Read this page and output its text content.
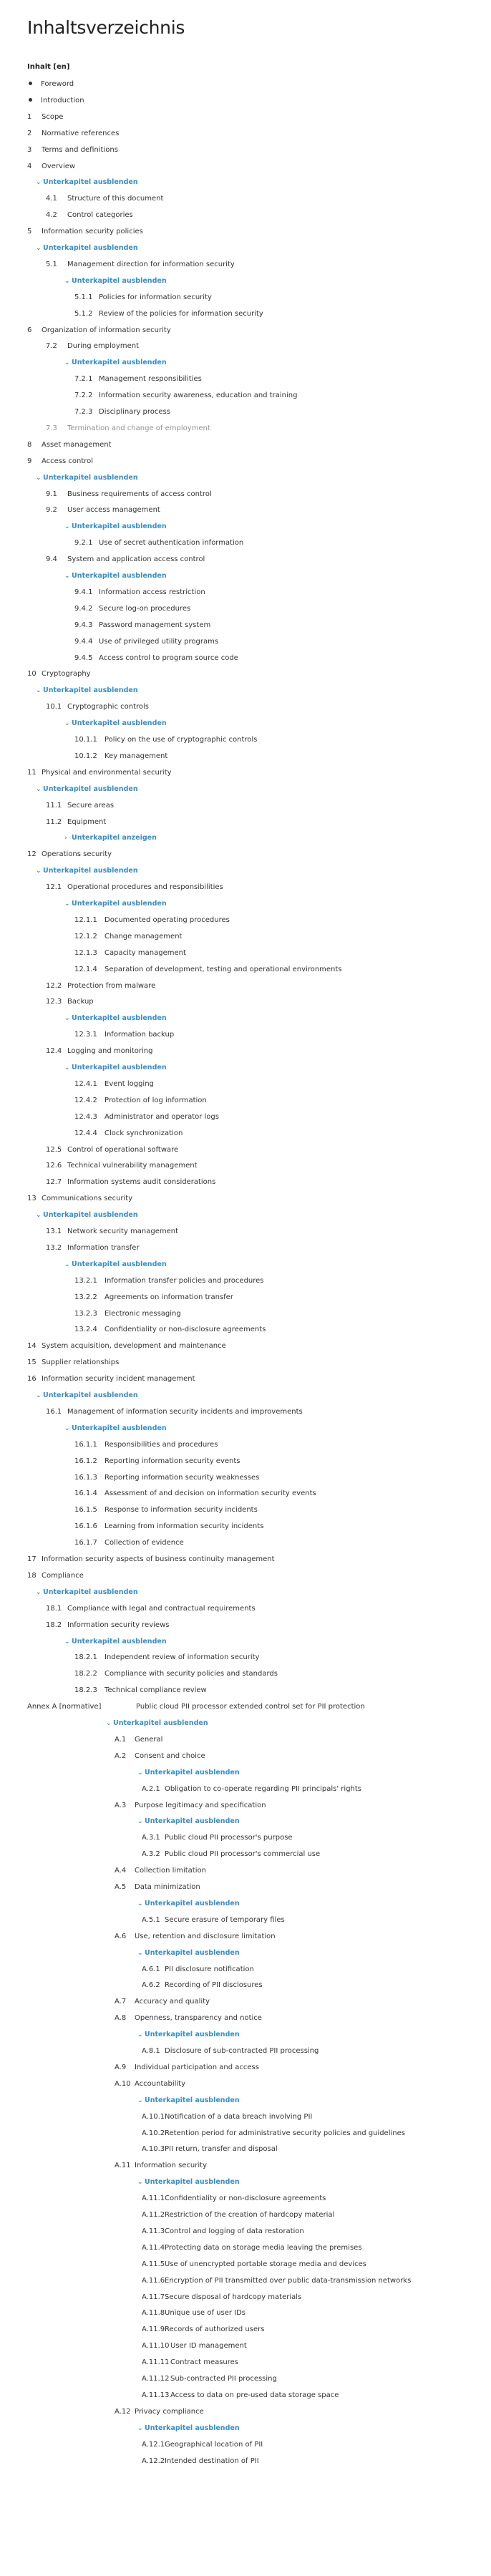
Inhaltsverzeichnis
Inhalt [en]
Foreword
Introduction
1 Scope
2 Normative references
3 Terms and definitions
4 Overview
⌄ Unterkapitel ausblenden
4.1 Structure of this document
4.2 Control categories
5 Information security policies
⌄ Unterkapitel ausblenden
5.1 Management direction for information security
⌄ Unterkapitel ausblenden
5.1.1 Policies for information security
5.1.2 Review of the policies for information security
6 Organization of information security
7.2 During employment
⌄ Unterkapitel ausblenden
7.2.1 Management responsibilities
7.2.2 Information security awareness, education and training
7.2.3 Disciplinary process
7.3 Termination and change of employment
8 Asset management
9 Access control
⌄ Unterkapitel ausblenden
9.1 Business requirements of access control
9.2 User access management
⌄ Unterkapitel ausblenden
9.2.1 Use of secret authentication information
9.4 System and application access control
⌄ Unterkapitel ausblenden
9.4.1 Information access restriction
9.4.2 Secure log-on procedures
9.4.3 Password management system
9.4.4 Use of privileged utility programs
9.4.5 Access control to program source code
10 Cryptography
⌄ Unterkapitel ausblenden
10.1 Cryptographic controls
⌄ Unterkapitel ausblenden
10.1.1 Policy on the use of cryptographic controls
10.1.2 Key management
11 Physical and environmental security
⌄ Unterkapitel ausblenden
11.1 Secure areas
11.2 Equipment
› Unterkapitel anzeigen
12 Operations security
⌄ Unterkapitel ausblenden
12.1 Operational procedures and responsibilities
⌄ Unterkapitel ausblenden
12.1.1 Documented operating procedures
12.1.2 Change management
12.1.3 Capacity management
12.1.4 Separation of development, testing and operational environments
12.2 Protection from malware
12.3 Backup
⌄ Unterkapitel ausblenden
12.3.1 Information backup
12.4 Logging and monitoring
⌄ Unterkapitel ausblenden
12.4.1 Event logging
12.4.2 Protection of log information
12.4.3 Administrator and operator logs
12.4.4 Clock synchronization
12.5 Control of operational software
12.6 Technical vulnerability management
12.7 Information systems audit considerations
13 Communications security
⌄ Unterkapitel ausblenden
13.1 Network security management
13.2 Information transfer
⌄ Unterkapitel ausblenden
13.2.1 Information transfer policies and procedures
13.2.2 Agreements on information transfer
13.2.3 Electronic messaging
13.2.4 Confidentiality or non-disclosure agreements
14 System acquisition, development and maintenance
15 Supplier relationships
16 Information security incident management
⌄ Unterkapitel ausblenden
16.1 Management of information security incidents and improvements
⌄ Unterkapitel ausblenden
16.1.1 Responsibilities and procedures
16.1.2 Reporting information security events
16.1.3 Reporting information security weaknesses
16.1.4 Assessment of and decision on information security events
16.1.5 Response to information security incidents
16.1.6 Learning from information security incidents
16.1.7 Collection of evidence
17 Information security aspects of business continuity management
18 Compliance
⌄ Unterkapitel ausblenden
18.1 Compliance with legal and contractual requirements
18.2 Information security reviews
⌄ Unterkapitel ausblenden
18.2.1 Independent review of information security
18.2.2 Compliance with security policies and standards
18.2.3 Technical compliance review
Annex A [normative]	Public cloud PII processor extended control set for PII protection
⌄ Unterkapitel ausblenden
A.1 General
A.2 Consent and choice
⌄ Unterkapitel ausblenden
A.2.1 Obligation to co-operate regarding PII principals' rights
A.3 Purpose legitimacy and specification
⌄ Unterkapitel ausblenden
A.3.1 Public cloud PII processor's purpose
A.3.2 Public cloud PII processor's commercial use
A.4 Collection limitation
A.5 Data minimization
⌄ Unterkapitel ausblenden
A.5.1 Secure erasure of temporary files
A.6 Use, retention and disclosure limitation
⌄ Unterkapitel ausblenden
A.6.1 PII disclosure notification
A.6.2 Recording of PII disclosures
A.7 Accuracy and quality
A.8 Openness, transparency and notice
⌄ Unterkapitel ausblenden
A.8.1 Disclosure of sub-contracted PII processing
A.9 Individual participation and access
A.10 Accountability
⌄ Unterkapitel ausblenden
A.10.1Notification of a data breach involving PII
A.10.2Retention period for administrative security policies and guidelines
A.10.3PII return, transfer and disposal
A.11 Information security
⌄ Unterkapitel ausblenden
A.11.1Confidentiality or non-disclosure agreements
A.11.2Restriction of the creation of hardcopy material
A.11.3Control and logging of data restoration
A.11.4Protecting data on storage media leaving the premises
A.11.5Use of unencrypted portable storage media and devices
A.11.6Encryption of PII transmitted over public data-transmission networks
A.11.7Secure disposal of hardcopy materials
A.11.8Unique use of user IDs
A.11.9Records of authorized users
A.11.10 User ID management
A.11.11 Contract measures
A.11.12 Sub-contracted PII processing
A.11.13 Access to data on pre-used data storage space
A.12 Privacy compliance
⌄ Unterkapitel ausblenden
A.12.1Geographical location of PII
A.12.2Intended destination of PII
